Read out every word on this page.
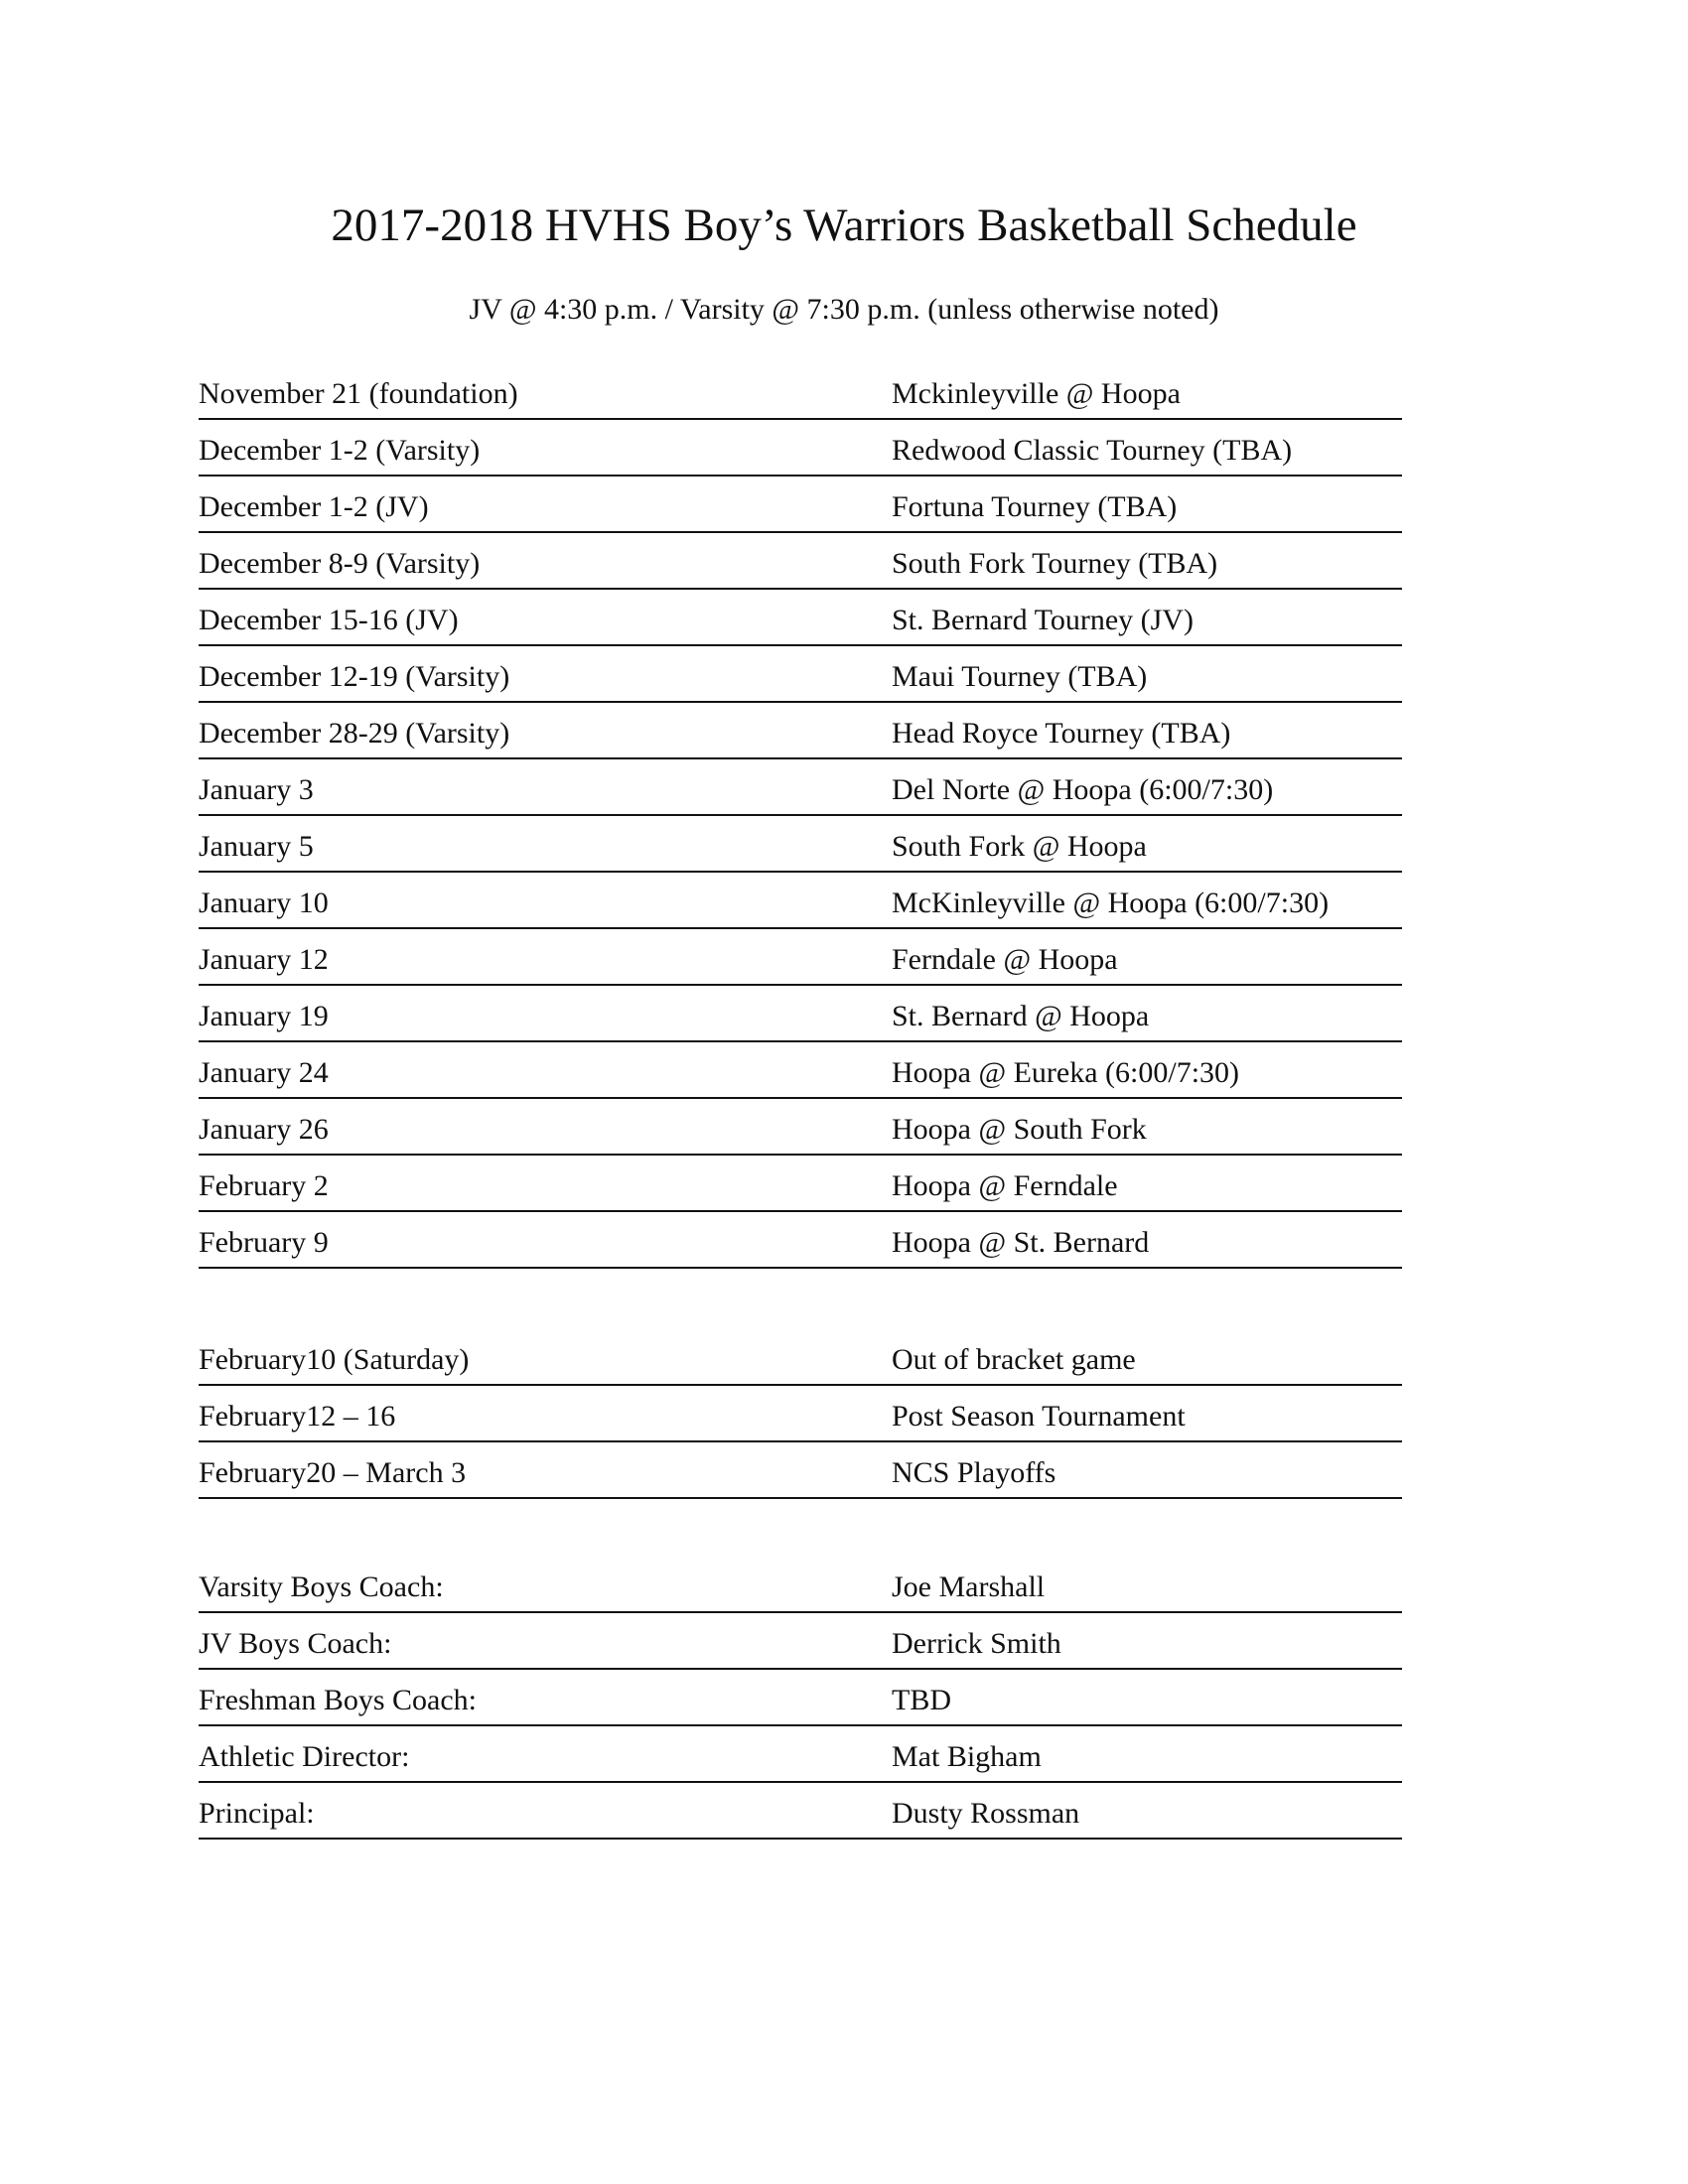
2017-2018 HVHS Boy’s Warriors Basketball Schedule
JV @ 4:30 p.m. / Varsity @ 7:30 p.m. (unless otherwise noted)
November 21 (foundation)	Mckinleyville @ Hoopa
December 1-2 (Varsity)	Redwood Classic Tourney (TBA)
December 1-2 (JV)	Fortuna Tourney (TBA)
December 8-9 (Varsity)	South Fork Tourney (TBA)
December 15-16 (JV)	St. Bernard Tourney (JV)
December 12-19 (Varsity)	Maui Tourney (TBA)
December 28-29 (Varsity)	Head Royce Tourney (TBA)
January 3	Del Norte @ Hoopa (6:00/7:30)
January 5	South Fork @ Hoopa
January 10	McKinleyville @ Hoopa (6:00/7:30)
January 12	Ferndale @ Hoopa
January 19	St. Bernard @ Hoopa
January 24	Hoopa @ Eureka (6:00/7:30)
January 26	Hoopa @ South Fork
February 2	Hoopa @ Ferndale
February 9	Hoopa @ St. Bernard
February10 (Saturday)	Out of bracket game
February12 – 16	Post Season Tournament
February20 – March 3	NCS Playoffs
Varsity Boys Coach:	Joe Marshall
JV Boys Coach:	Derrick Smith
Freshman Boys Coach:	TBD
Athletic Director:	Mat Bigham
Principal:	Dusty Rossman
